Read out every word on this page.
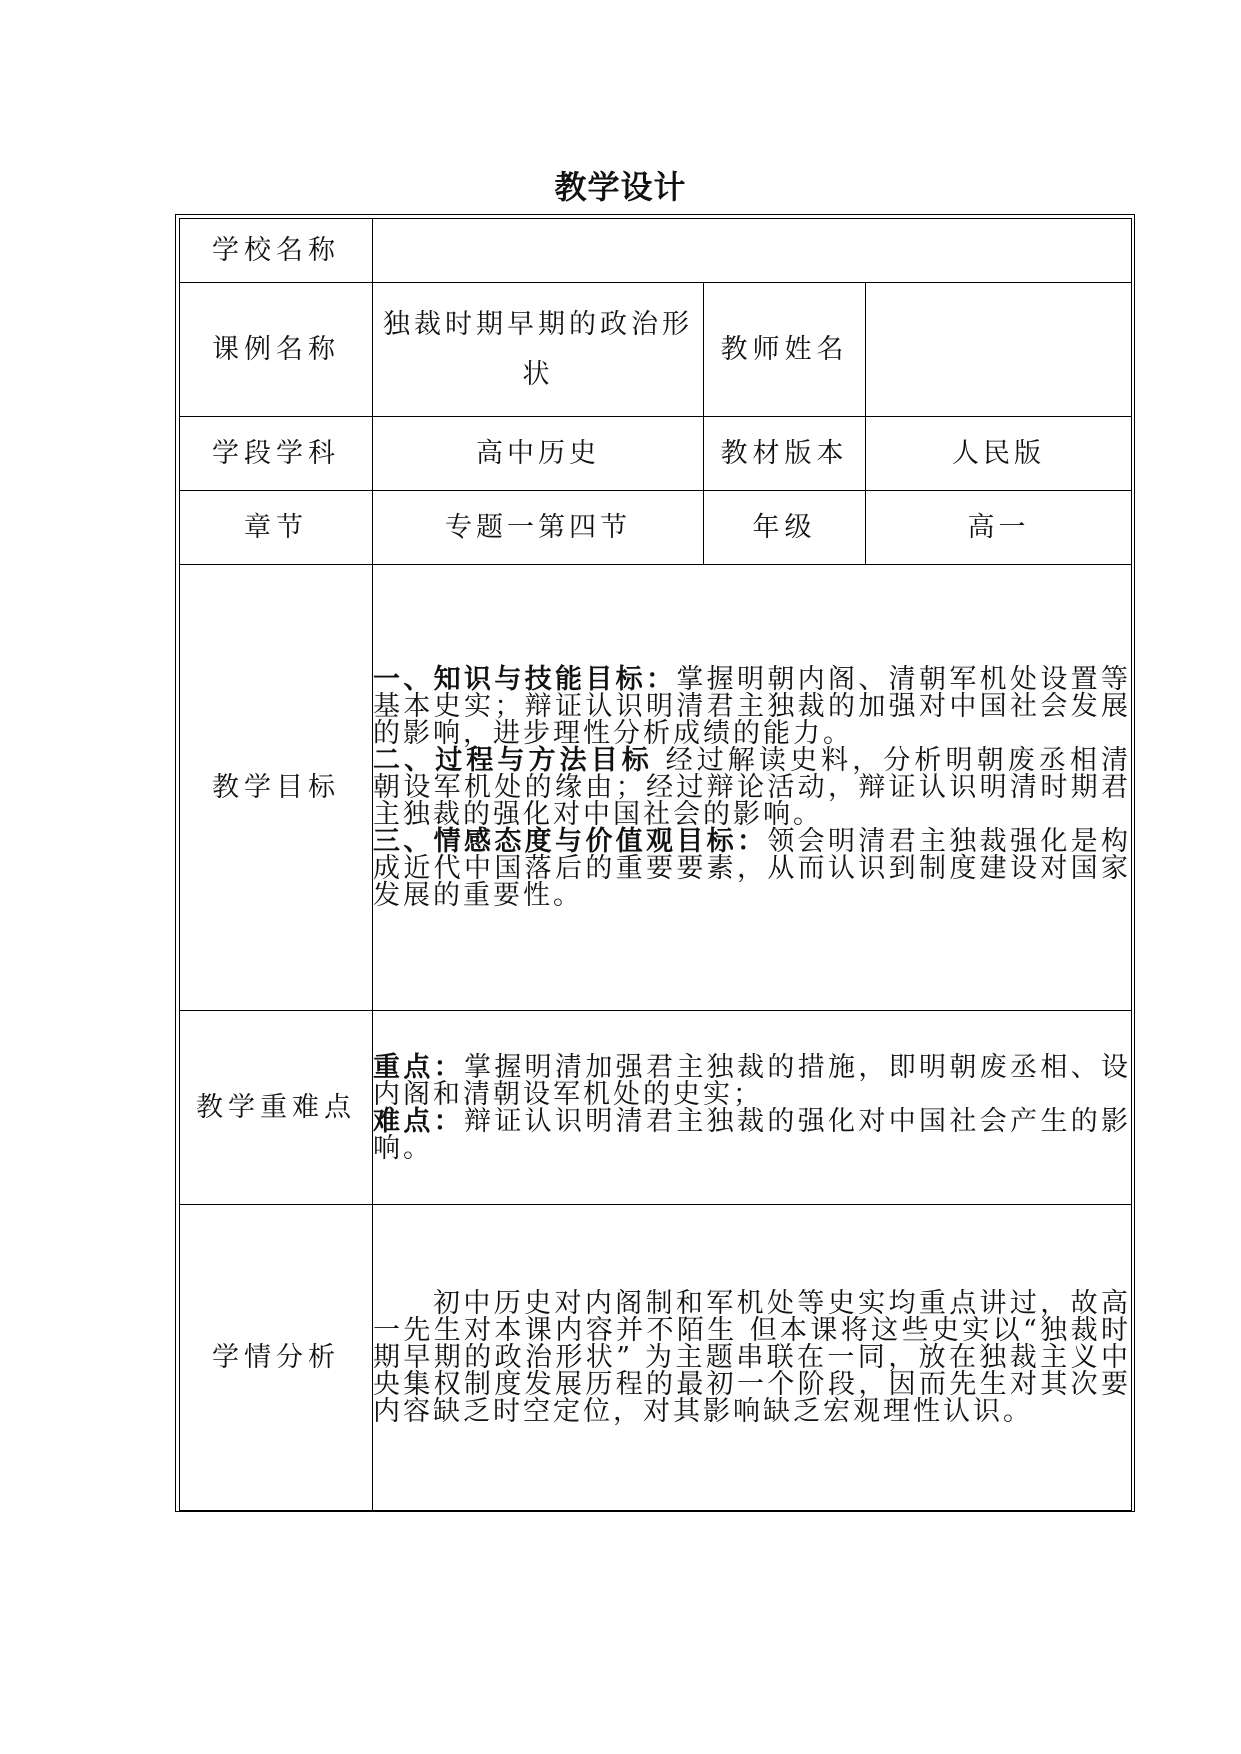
教学设计
学校名称			
课例名称	独裁时期早期的政治形状	教师姓名	
学段学科	高中历史	教材版本	人民版
章节	专题一第四节	年级	高一
教学目标	一、知识与技能目标：掌握明朝内阁、清朝军机处设置等基本史实；辩证认识明清君主独裁的加强对中国社会发展的影响，进步理性分析成绩的能力。

二、过程与方法目标 经过解读史料，分析明朝废丞相清朝设军机处的缘由；经过辩论活动，辩证认识明清时期君主独裁的强化对中国社会的影响。

三、情感态度与价值观目标：领会明清君主独裁强化是构成近代中国落后的重要要素，从而认识到制度建设对国家发展的重要性。		

教学重难点	重点：掌握明清加强君主独裁的措施，即明朝废丞相、设内阁和清朝设军机处的史实；

难点：辩证认识明清君主独裁的强化对中国社会产生的影响。		

学情分析	初中历史对内阁制和军机处等史实均重点讲过，故高一先生对本课内容并不陌生 但本课将这些史实以“独裁时期早期的政治形状” 为主题串联在一同，放在独裁主义中央集权制度发展历程的最初一个阶段，因而先生对其次要内容缺乏时空定位，对其影响缺乏宏观理性认识。		
